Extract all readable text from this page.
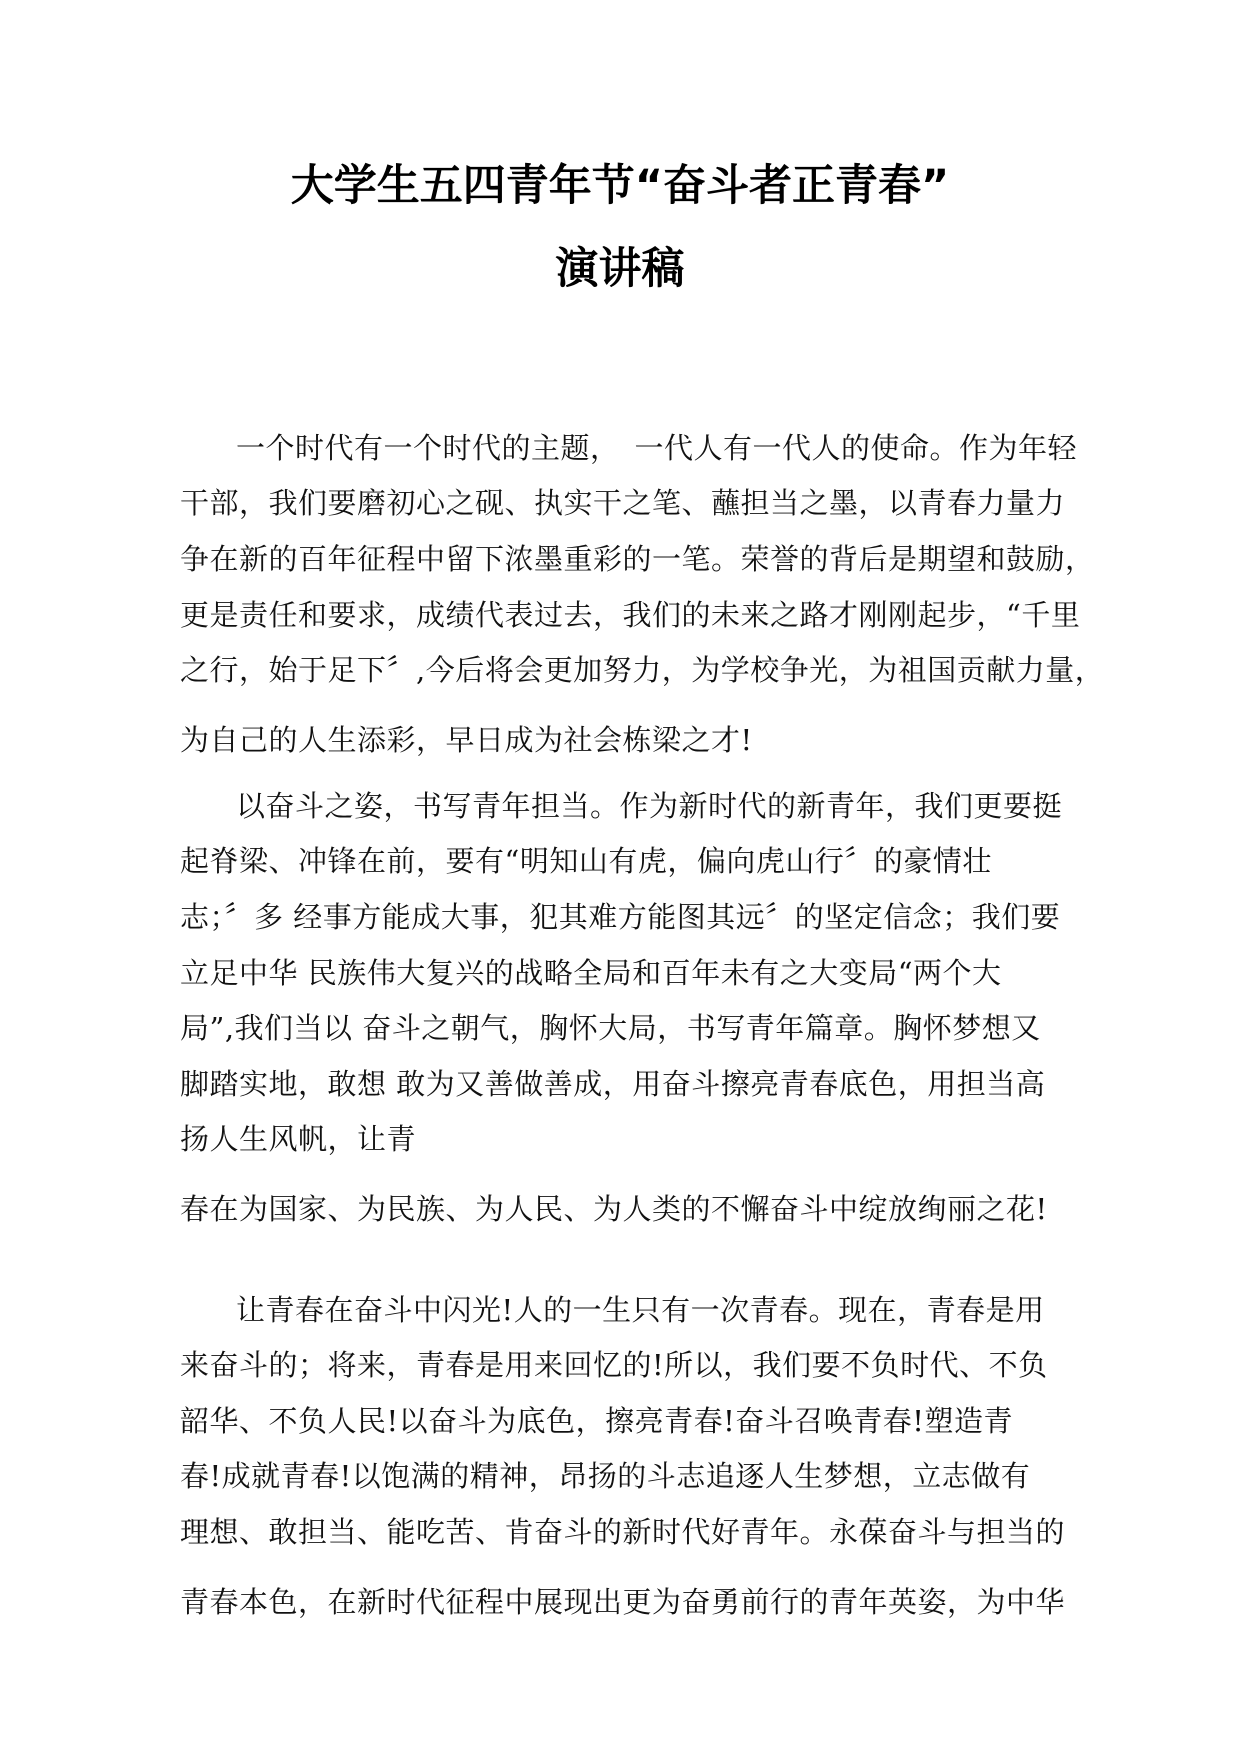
大学生五四青年节“奋斗者正青春”
演讲稿
一个时代有一个时代的主题，　一代人有一代人的使命。作为年轻
干部，我们要磨初心之砚、执实干之笔、蘸担当之墨，以青春力量力
争在新的百年征程中留下浓墨重彩的一笔。荣誉的背后是期望和鼓励，
更是责任和要求，成绩代表过去，我们的未来之路才刚刚起步，“千里
之行，始于足下〞,今后将会更加努力，为学校争光，为祖国贡献力量，
为自己的人生添彩，早日成为社会栋梁之才!
以奋斗之姿，书写青年担当。作为新时代的新青年，我们更要挺
起脊梁、冲锋在前，要有“明知山有虎，偏向虎山行〞的豪情壮
志；〞多 经事方能成大事，犯其难方能图其远〞的坚定信念；我们要
立足中华 民族伟大复兴的战略全局和百年未有之大变局“两个大
局”,我们当以 奋斗之朝气，胸怀大局，书写青年篇章。胸怀梦想又
脚踏实地，敢想 敢为又善做善成，用奋斗擦亮青春底色，用担当高
扬人生风帆，让青
春在为国家、为民族、为人民、为人类的不懈奋斗中绽放绚丽之花!
让青春在奋斗中闪光!人的一生只有一次青春。现在，青春是用
来奋斗的；将来，青春是用来回忆的!所以，我们要不负时代、不负
韶华、不负人民!以奋斗为底色，擦亮青春!奋斗召唤青春!塑造青
春!成就青春!以饱满的精神，昂扬的斗志追逐人生梦想，立志做有
理想、敢担当、能吃苦、肯奋斗的新时代好青年。永葆奋斗与担当的
青春本色，在新时代征程中展现出更为奋勇前行的青年英姿，为中华
